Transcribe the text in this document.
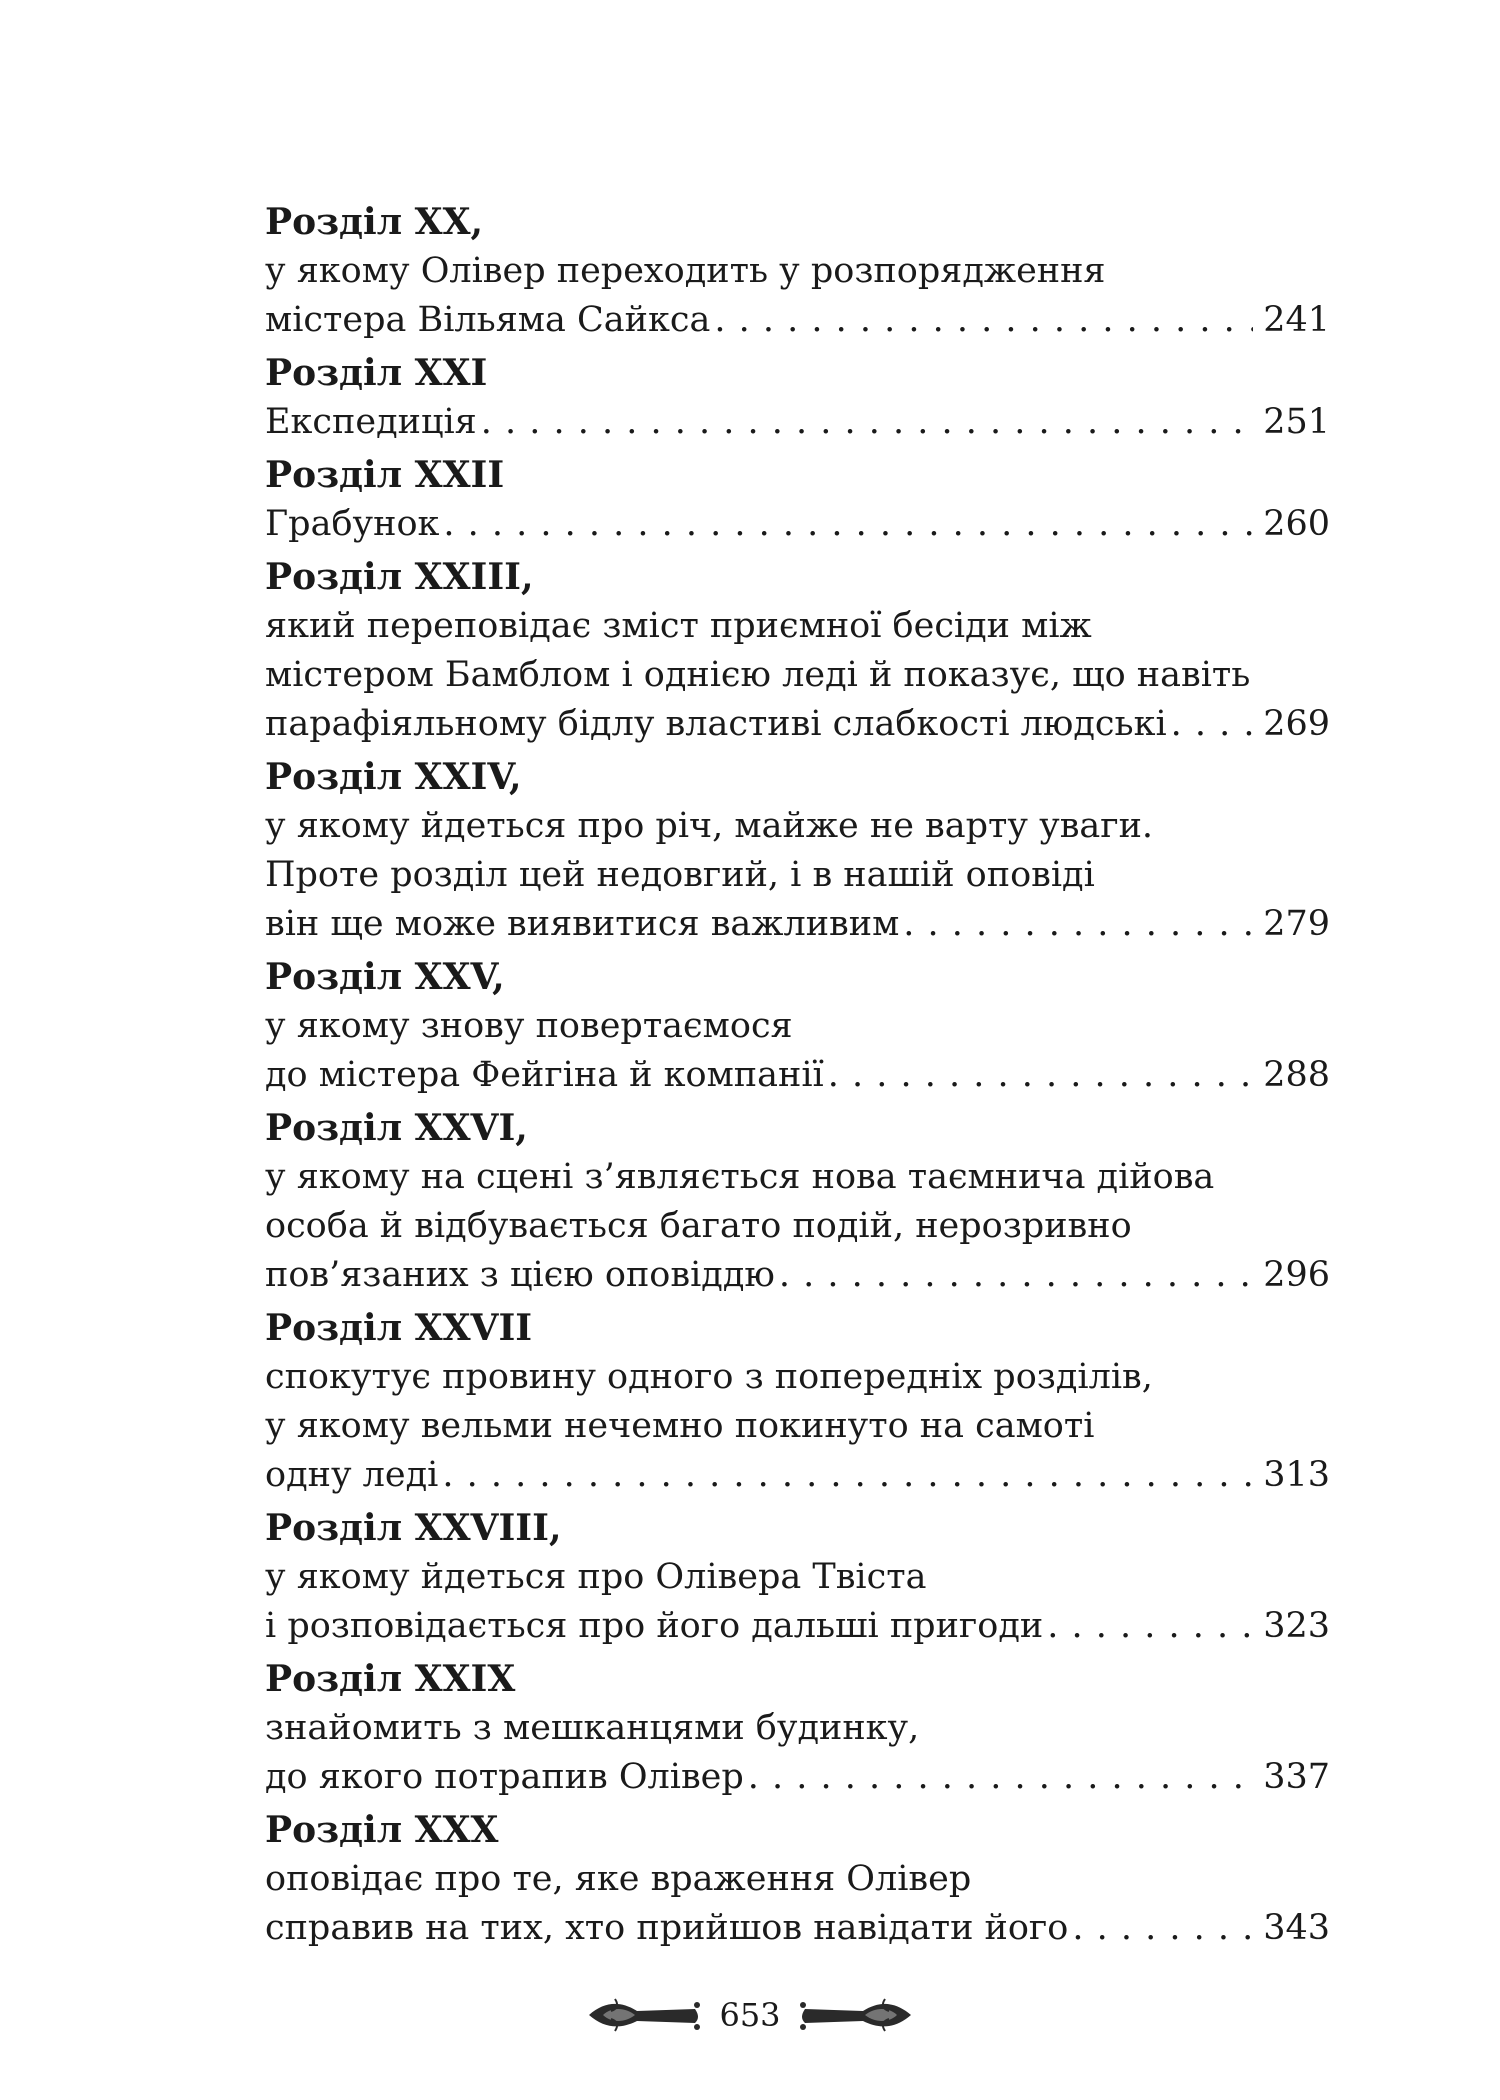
Розділ XX,
у якому Олівер переходить у розпорядження
містера Вільяма Сайкса . . .	241
Розділ XXI
Експедиція . . .	251
Розділ XXII
Грабунок . . .	260
Розділ XXIII,
який переповідає зміст приємної бесіди між
містером Бамблом і однією леді й показує, що навіть
парафіяльному бідлу властиві слабкості людські . . .	269
Розділ XXIV,
у якому йдеться про річ, майже не варту уваги.
Проте розділ цей недовгий, і в нашій оповіді
він ще може виявитися важливим . . .	279
Розділ XXV,
у якому знову повертаємося
до містера Фейгіна й компанії . . .	288
Розділ XXVI,
у якому на сцені з’являється нова таємнича дійова
особа й відбувається багато подій, нерозривно
пов’язаних з цією оповіддю . . .	296
Розділ XXVII
спокутує провину одного з попередніх розділів,
у якому вельми нечемно покинуто на самоті
одну леді . . .	313
Розділ XXVIII,
у якому йдеться про Олівера Твіста
і розповідається про його дальші пригоди . . .	323
Розділ XXIX
знайомить з мешканцями будинку,
до якого потрапив Олівер . . .	337
Розділ XXX
оповідає про те, яке враження Олівер
справив на тих, хто прийшов навідати його . . .	343
653
